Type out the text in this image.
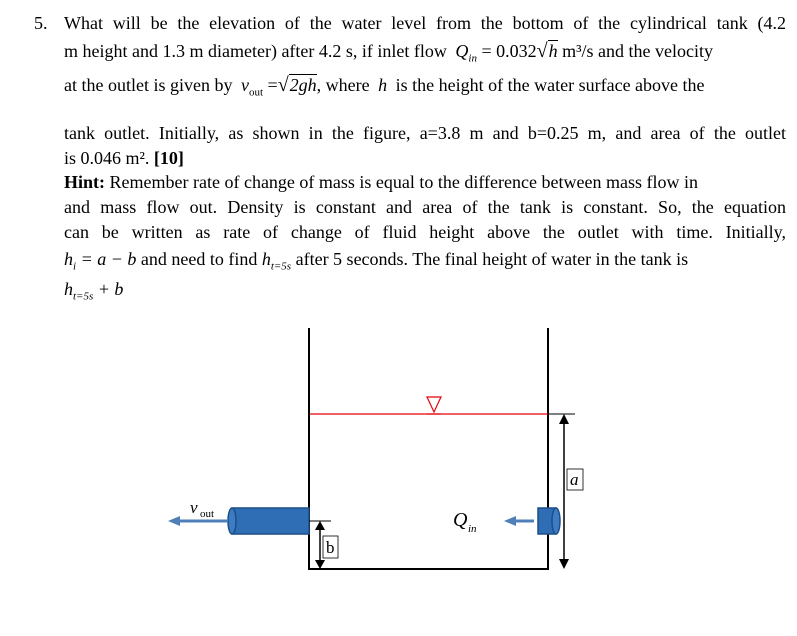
5. What will be the elevation of the water level from the bottom of the cylindrical tank (4.2
m height and 1.3 m diameter) after 4.2 s, if inlet flow $Q_{in} = 0.032√h$ m³/s and the velocity
at the outlet is given by $v_{out} =√2gh$, where h is the height of the water surface above the
tank outlet. Initially, as shown in the figure, a=3.8 m and b=0.25 m, and area of the outlet
is 0.046 m². [10]
Hint: Remember rate of change of mass is equal to the difference between mass flow in
and mass flow out. Density is constant and area of the tank is constant. So, the equation
can be written as rate of change of fluid height above the outlet with time. Initially,
$h_i = a - b$ and need to find $h_{t=5s}$ after 5 seconds. The final height of water in the tank is
$h_{t=5s} + b$
v out	Q in
a
b
